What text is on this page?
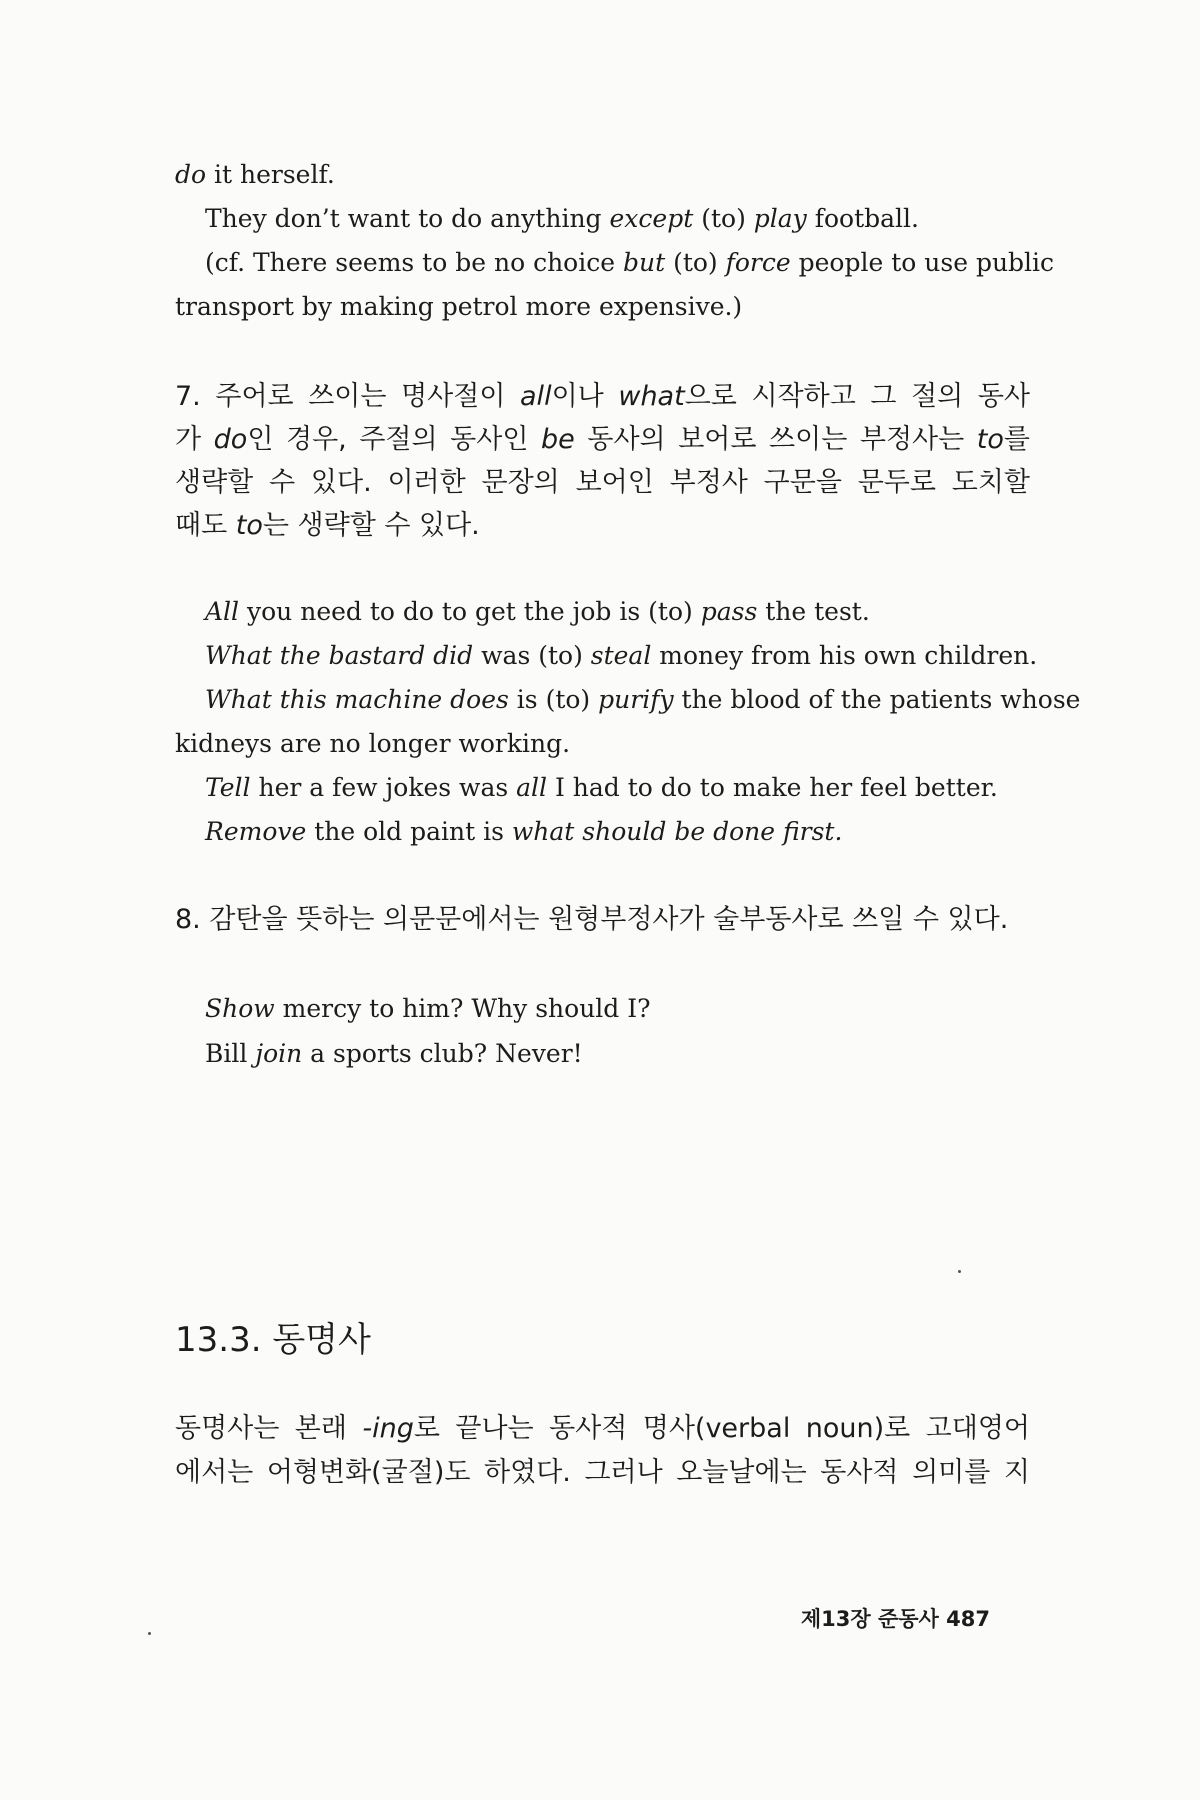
do it herself.
They don’t want to do anything except (to) play football.
(cf. There seems to be no choice but (to) force people to use public
transport by making petrol more expensive.)
7. 주어로 쓰이는 명사절이 all이나 what으로 시작하고 그 절의 동사
가 do인 경우, 주절의 동사인 be 동사의 보어로 쓰이는 부정사는 to를
생략할 수 있다. 이러한 문장의 보어인 부정사 구문을 문두로 도치할
때도 to는 생략할 수 있다.
All you need to do to get the job is (to) pass the test.
What the bastard did was (to) steal money from his own children.
What this machine does is (to) purify the blood of the patients whose
kidneys are no longer working.
Tell her a few jokes was all I had to do to make her feel better.
Remove the old paint is what should be done first.
8. 감탄을 뜻하는 의문문에서는 원형부정사가 술부동사로 쓰일 수 있다.
Show mercy to him? Why should I?
Bill join a sports club? Never!
13.3. 동명사
동명사는 본래 -ing로 끝나는 동사적 명사(verbal noun)로 고대영어
에서는 어형변화(굴절)도 하였다. 그러나 오늘날에는 동사적 의미를 지
제13장 준동사 487
